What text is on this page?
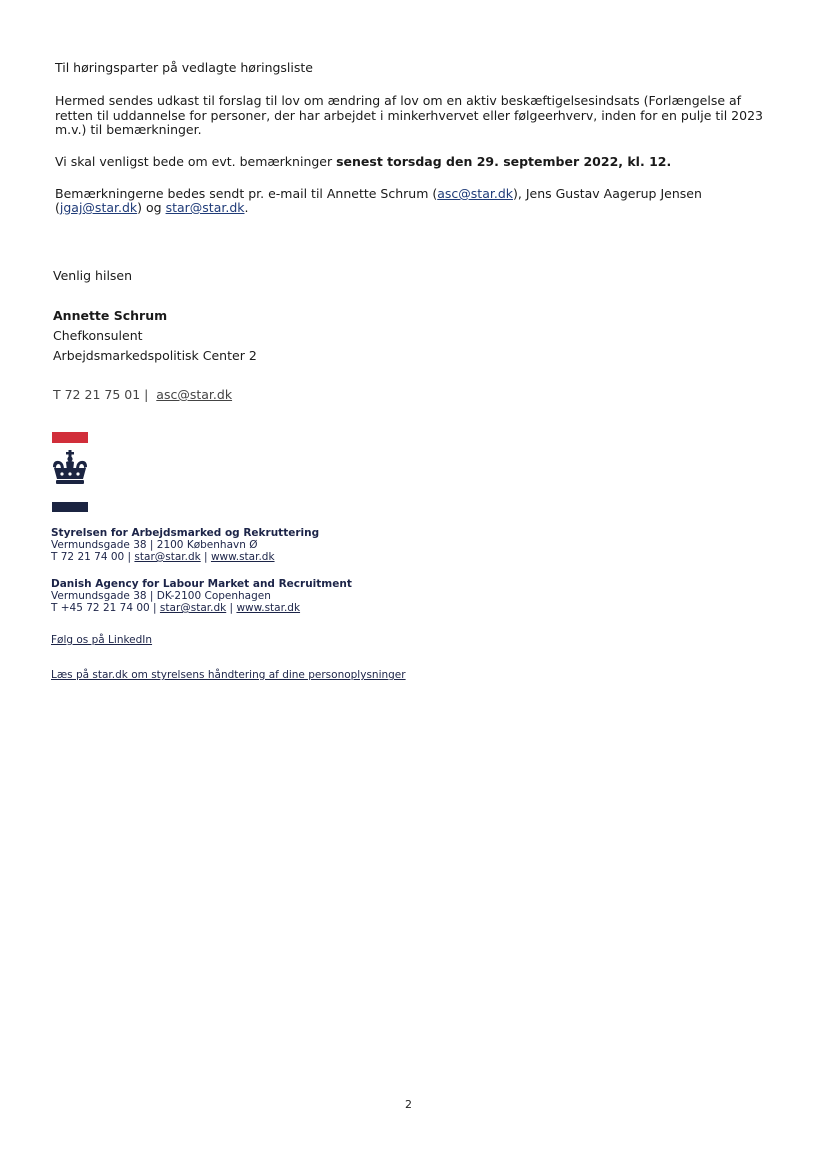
Til høringsparter på vedlagte høringsliste
Hermed sendes udkast til forslag til lov om ændring af lov om en aktiv beskæftigelsesindsats (Forlængelse af
retten til uddannelse for personer, der har arbejdet i minkerhvervet eller følgeerhverv, inden for en pulje til 2023
m.v.) til bemærkninger.
Vi skal venligst bede om evt. bemærkninger senest torsdag den 29. september 2022, kl. 12.
Bemærkningerne bedes sendt pr. e-mail til Annette Schrum (asc@star.dk), Jens Gustav Aagerup Jensen
(jgaj@star.dk) og star@star.dk.
Venlig hilsen
Annette Schrum
Chefkonsulent
Arbejdsmarkedspolitisk Center 2
T 72 21 75 01 | asc@star.dk
Styrelsen for Arbejdsmarked og Rekruttering
Vermundsgade 38 | 2100 København Ø
T 72 21 74 00 | star@star.dk | www.star.dk
Danish Agency for Labour Market and Recruitment
Vermundsgade 38 | DK-2100 Copenhagen
T +45 72 21 74 00 | star@star.dk | www.star.dk
Følg os på LinkedIn
Læs på star.dk om styrelsens håndtering af dine personoplysninger
2
